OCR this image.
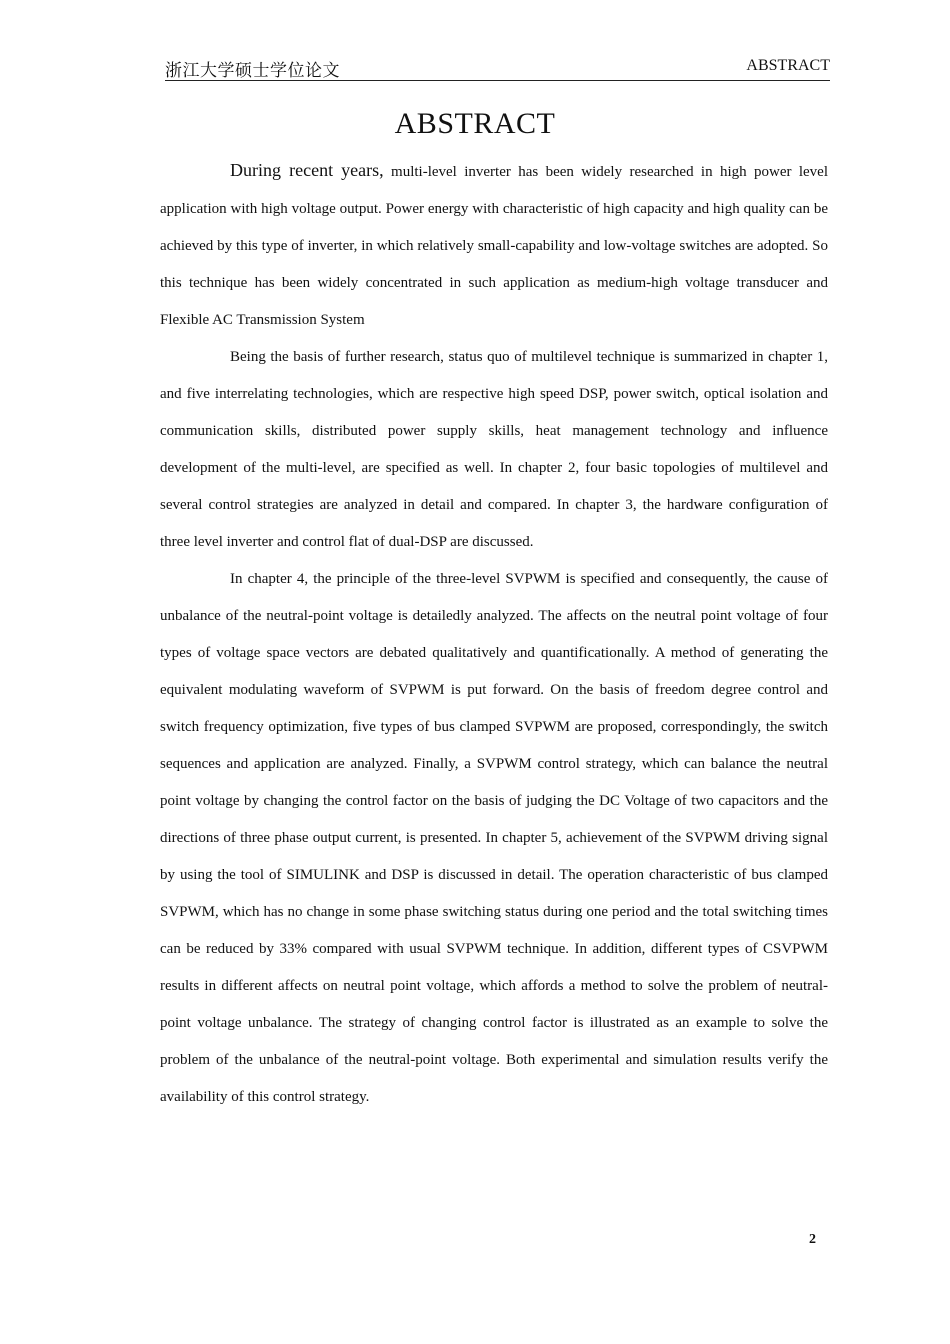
浙江大学硕士学位论文	ABSTRACT
ABSTRACT

During recent years, multi-level inverter has been widely researched in high power level application with high voltage output. Power energy with characteristic of high capacity and high quality can be achieved by this type of inverter, in which relatively small-capability and low-voltage switches are adopted. So this technique has been widely concentrated in such application as medium-high voltage transducer and Flexible AC Transmission System

Being the basis of further research, status quo of multilevel technique is summarized in chapter 1, and five interrelating technologies, which are respective high speed DSP, power switch, optical isolation and communication skills, distributed power supply skills, heat management technology and influence development of the multi-level, are specified as well. In chapter 2, four basic topologies of multilevel and several control strategies are analyzed in detail and compared. In chapter 3, the hardware configuration of three level inverter and control flat of dual-DSP are discussed.

In chapter 4, the principle of the three-level SVPWM is specified and consequently, the cause of unbalance of the neutral-point voltage is detailedly analyzed. The affects on the neutral point voltage of four types of voltage space vectors are debated qualitatively and quantificationally. A method of generating the equivalent modulating waveform of SVPWM is put forward. On the basis of freedom degree control and switch frequency optimization, five types of bus clamped SVPWM are proposed, correspondingly, the switch sequences and application are analyzed. Finally, a SVPWM control strategy, which can balance the neutral point voltage by changing the control factor on the basis of judging the DC Voltage of two capacitors and the directions of three phase output current, is presented. In chapter 5, achievement of the SVPWM driving signal by using the tool of SIMULINK and DSP is discussed in detail. The operation characteristic of bus clamped SVPWM, which has no change in some phase switching status during one period and the total switching times can be reduced by 33% compared with usual SVPWM technique. In addition, different types of CSVPWM results in different affects on neutral point voltage, which affords a method to solve the problem of neutral-point voltage unbalance. The strategy of changing control factor is illustrated as an example to solve the problem of the unbalance of the neutral-point voltage. Both experimental and simulation results verify the availability of this control strategy.

2
